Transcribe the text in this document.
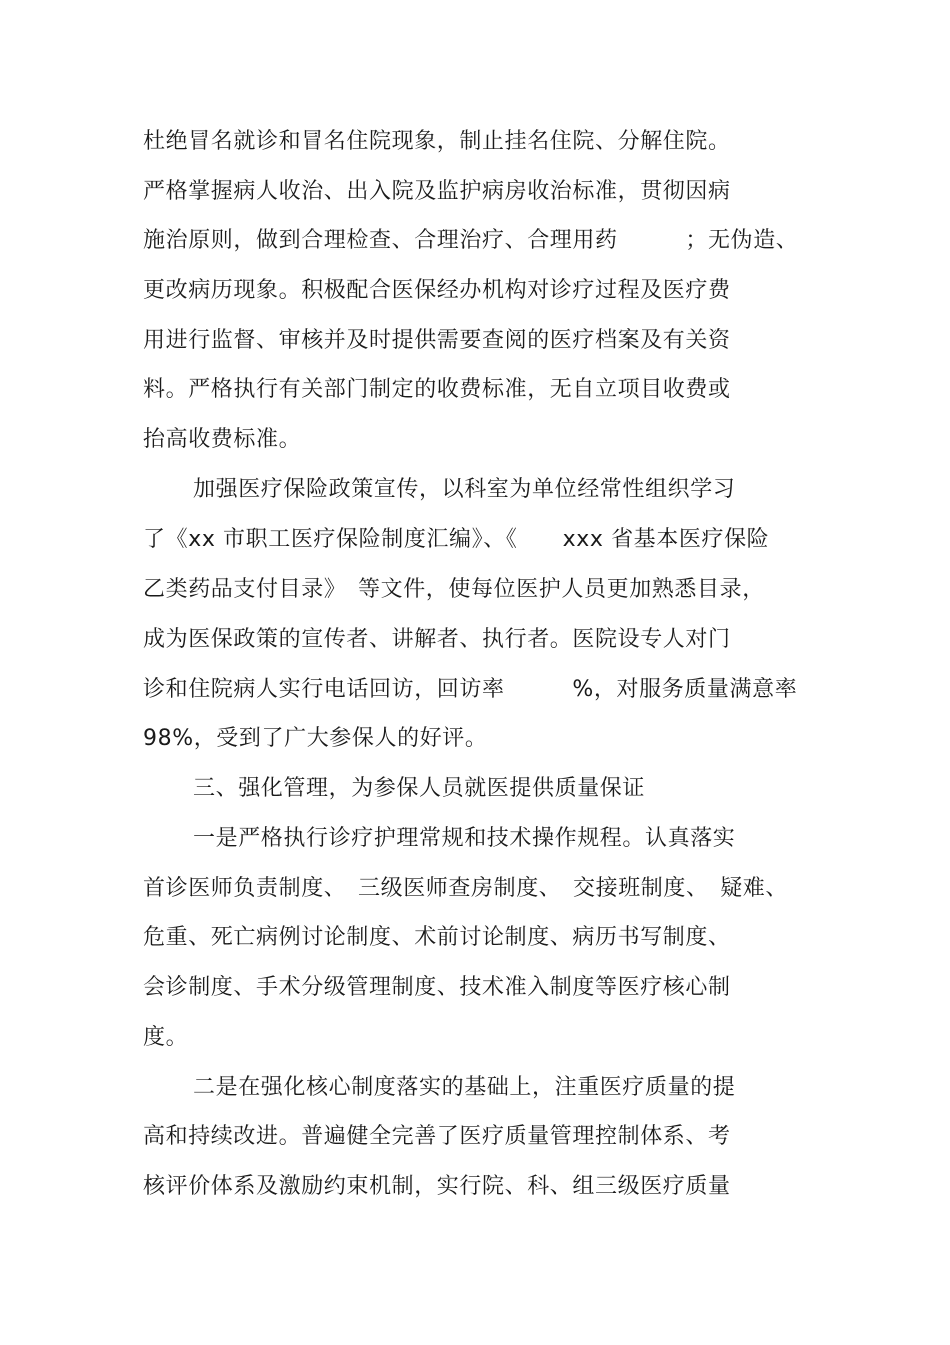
杜绝冒名就诊和冒名住院现象，制止挂名住院、分解住院。
严格掌握病人收治、出入院及监护病房收治标准，贯彻因病
施治原则，做到合理检查、合理治疗、合理用药　　　；无伪造、
更改病历现象。积极配合医保经办机构对诊疗过程及医疗费
用进行监督、审核并及时提供需要查阅的医疗档案及有关资
料。严格执行有关部门制定的收费标准，无自立项目收费或
抬高收费标准。
加强医疗保险政策宣传，以科室为单位经常性组织学习
了《xx 市职工医疗保险制度汇编》、《　　xxx 省基本医疗保险
乙类药品支付目录》　等文件，使每位医护人员更加熟悉目录，
成为医保政策的宣传者、讲解者、执行者。医院设专人对门
诊和住院病人实行电话回访，回访率　　　%，对服务质量满意率
98%，受到了广大参保人的好评。
三、强化管理，为参保人员就医提供质量保证
一是严格执行诊疗护理常规和技术操作规程。认真落实
首诊医师负责制度、　三级医师查房制度、　交接班制度、　疑难、
危重、死亡病例讨论制度、术前讨论制度、病历书写制度、
会诊制度、手术分级管理制度、技术准入制度等医疗核心制
度。
二是在强化核心制度落实的基础上，注重医疗质量的提
高和持续改进。普遍健全完善了医疗质量管理控制体系、考
核评价体系及激励约束机制，实行院、科、组三级医疗质量
